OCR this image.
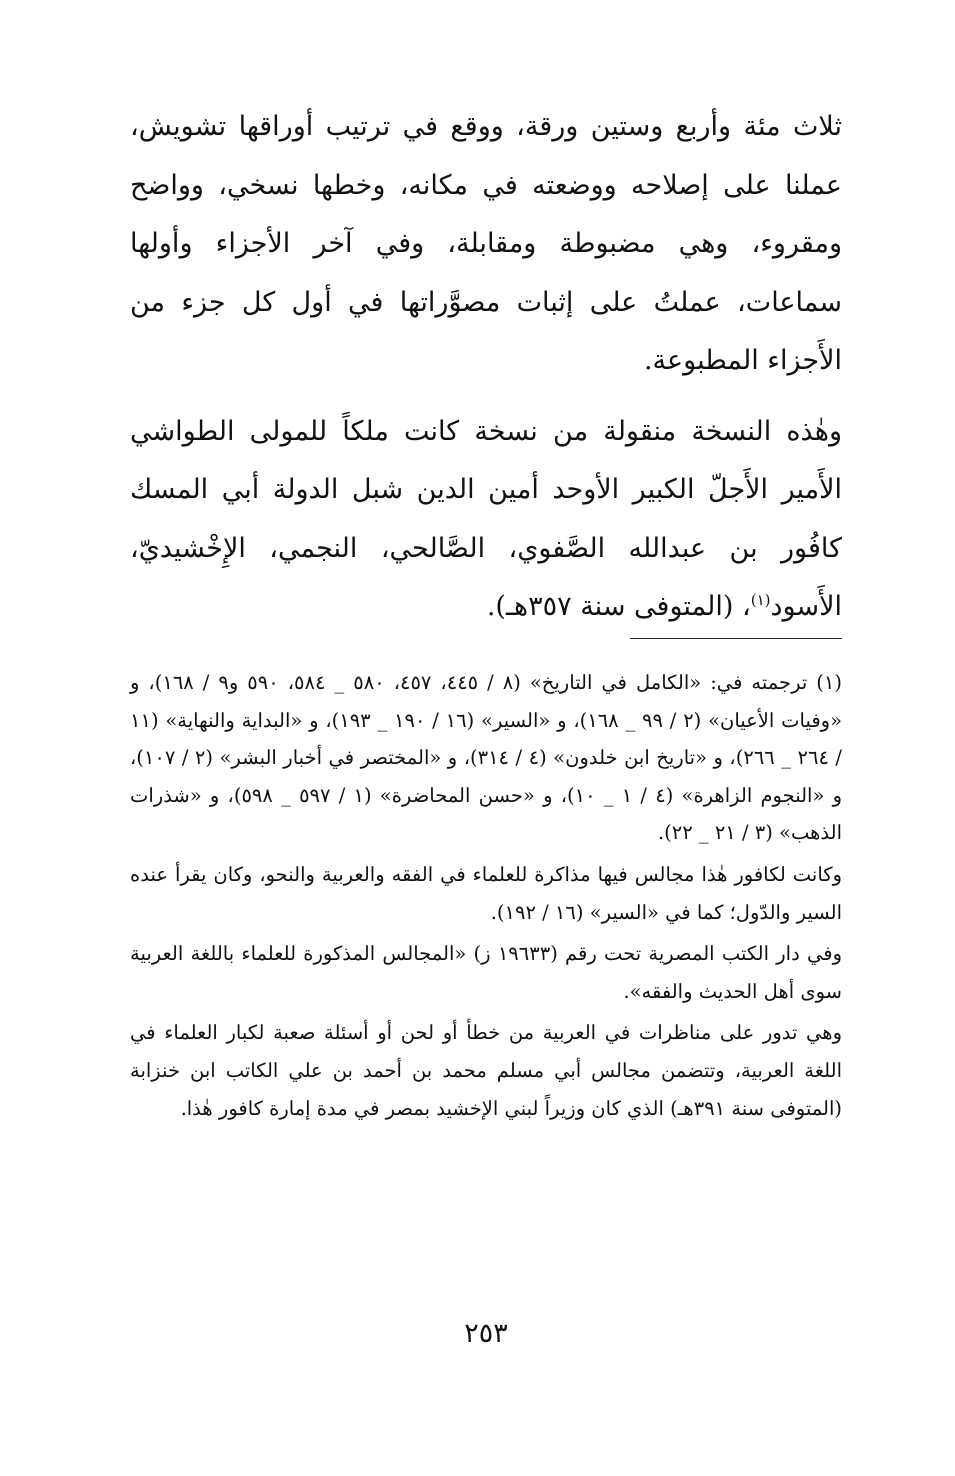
ثلاث مئة وأربع وستين ورقة، ووقع في ترتيب أوراقها تشويش، عملنا على إصلاحه ووضعته في مكانه، وخطها نسخي، وواضح ومقروء، وهي مضبوطة ومقابلة، وفي آخر الأجزاء وأولها سماعات، عملتُ على إثبات مصوَّراتها في أول كل جزء من الأَجزاء المطبوعة.

وهٰذه النسخة منقولة من نسخة كانت ملكاً للمولى الطواشي الأَمير الأَجلّ الكبير الأوحد أمين الدين شبل الدولة أبي المسك كافُور بن عبدالله الصَّفوي، الصَّالحي، النجمي، الإِخْشيديّ، الأَسود$^{(١)}$، (المتوفى سنة ٣٥٧هـ).

(١) ترجمته في: «الكامل في التاريخ» (٨ / ٤٤٥، ٤٥٧، ٥٨٠ _ ٥٨٤، ٥٩٠ و٩ / ١٦٨)، و «وفيات الأعيان» (٢ / ٩٩ _ ١٦٨)، و «السير» (١٦ / ١٩٠ _ ١٩٣)، و «البداية والنهاية» (١١ / ٢٦٤ _ ٢٦٦)، و «تاريخ ابن خلدون» (٤ / ٣١٤)، و «المختصر في أخبار البشر» (٢ / ١٠٧)، و «النجوم الزاهرة» (٤ / ١ _ ١٠)، و «حسن المحاضرة» (١ / ٥٩٧ _ ٥٩٨)، و «شذرات الذهب» (٣ / ٢١ _ ٢٢).

وكانت لكافور هٰذا مجالس فيها مذاكرة للعلماء في الفقه والعربية والنحو، وكان يقرأ عنده السير والدّول؛ كما في «السير» (١٦ / ١٩٢).

وفي دار الكتب المصرية تحت رقم (١٩٦٣٣ ز) «المجالس المذكورة للعلماء باللغة العربية سوى أهل الحديث والفقه».

وهي تدور على مناظرات في العربية من خطأ أو لحن أو أسئلة صعبة لكبار العلماء في اللغة العربية، وتتضمن مجالس أبي مسلم محمد بن أحمد بن علي الكاتب ابن خنزابة (المتوفى سنة ٣٩١هـ) الذي كان وزيراً لبني الإخشيد بمصر في مدة إمارة كافور هٰذا.

٢٥٣
